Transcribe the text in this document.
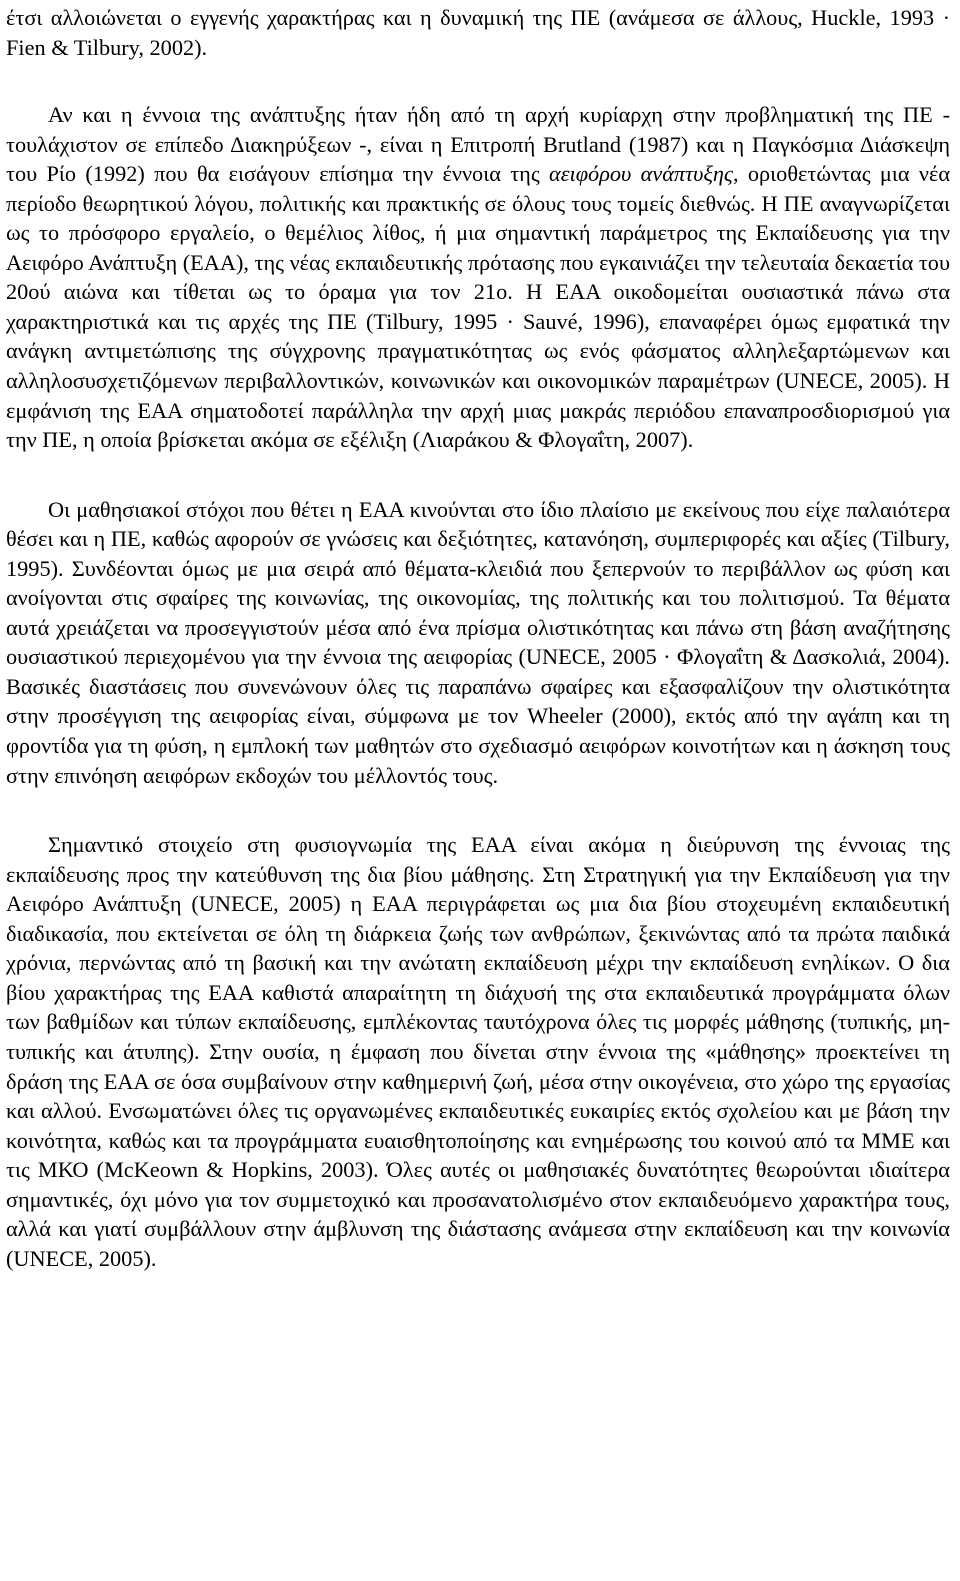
έτσι αλλοιώνεται ο εγγενής χαρακτήρας και η δυναμική της ΠΕ (ανάμεσα σε άλλους, Huckle, 1993 · Fien & Tilbury, 2002).

Αν και η έννοια της ανάπτυξης ήταν ήδη από τη αρχή κυρίαρχη στην προβληματική της ΠΕ - τουλάχιστον σε επίπεδο Διακηρύξεων -, είναι η Επιτροπή Brutland (1987) και η Παγκόσμια Διάσκεψη του Ρίο (1992) που θα εισάγουν επίσημα την έννοια της αειφόρου ανάπτυξης, οριοθετώντας μια νέα περίοδο θεωρητικού λόγου, πολιτικής και πρακτικής σε όλους τους τομείς διεθνώς. Η ΠΕ αναγνωρίζεται ως το πρόσφορο εργαλείο, ο θεμέλιος λίθος, ή μια σημαντική παράμετρος της Εκπαίδευσης για την Αειφόρο Ανάπτυξη (ΕΑΑ), της νέας εκπαιδευτικής πρότασης που εγκαινιάζει την τελευταία δεκαετία του 20ού αιώνα και τίθεται ως το όραμα για τον 21ο. Η ΕΑΑ οικοδομείται ουσιαστικά πάνω στα χαρακτηριστικά και τις αρχές της ΠΕ (Tilbury, 1995 · Sauvé, 1996), επαναφέρει όμως εμφατικά την ανάγκη αντιμετώπισης της σύγχρονης πραγματικότητας ως ενός φάσματος αλληλεξαρτώμενων και αλληλοσυσχετιζόμενων περιβαλλοντικών, κοινωνικών και οικονομικών παραμέτρων (UNECE, 2005). Η εμφάνιση της ΕΑΑ σηματοδοτεί παράλληλα την αρχή μιας μακράς περιόδου επαναπροσδιορισμού για την ΠΕ, η οποία βρίσκεται ακόμα σε εξέλιξη (Λιαράκου & Φλογαΐτη, 2007).

Οι μαθησιακοί στόχοι που θέτει η ΕΑΑ κινούνται στο ίδιο πλαίσιο με εκείνους που είχε παλαιότερα θέσει και η ΠΕ, καθώς αφορούν σε γνώσεις και δεξιότητες, κατανόηση, συμπεριφορές και αξίες (Tilbury, 1995). Συνδέονται όμως με μια σειρά από θέματα-κλειδιά που ξεπερνούν το περιβάλλον ως φύση και ανοίγονται στις σφαίρες της κοινωνίας, της οικονομίας, της πολιτικής και του πολιτισμού. Τα θέματα αυτά χρειάζεται να προσεγγιστούν μέσα από ένα πρίσμα ολιστικότητας και πάνω στη βάση αναζήτησης ουσιαστικού περιεχομένου για την έννοια της αειφορίας (UNECE, 2005 · Φλογαΐτη & Δασκολιά, 2004). Βασικές διαστάσεις που συνενώνουν όλες τις παραπάνω σφαίρες και εξασφαλίζουν την ολιστικότητα στην προσέγγιση της αειφορίας είναι, σύμφωνα με τον Wheeler (2000), εκτός από την αγάπη και τη φροντίδα για τη φύση, η εμπλοκή των μαθητών στο σχεδιασμό αειφόρων κοινοτήτων και η άσκηση τους στην επινόηση αειφόρων εκδοχών του μέλλοντός τους.

Σημαντικό στοιχείο στη φυσιογνωμία της ΕΑΑ είναι ακόμα η διεύρυνση της έννοιας της εκπαίδευσης προς την κατεύθυνση της δια βίου μάθησης. Στη Στρατηγική για την Εκπαίδευση για την Αειφόρο Ανάπτυξη (UNECE, 2005) η ΕΑΑ περιγράφεται ως μια δια βίου στοχευμένη εκπαιδευτική διαδικασία, που εκτείνεται σε όλη τη διάρκεια ζωής των ανθρώπων, ξεκινώντας από τα πρώτα παιδικά χρόνια, περνώντας από τη βασική και την ανώτατη εκπαίδευση μέχρι την εκπαίδευση ενηλίκων. Ο δια βίου χαρακτήρας της ΕΑΑ καθιστά απαραίτητη τη διάχυσή της στα εκπαιδευτικά προγράμματα όλων των βαθμίδων και τύπων εκπαίδευσης, εμπλέκοντας ταυτόχρονα όλες τις μορφές μάθησης (τυπικής, μη-τυπικής και άτυπης). Στην ουσία, η έμφαση που δίνεται στην έννοια της «μάθησης» προεκτείνει τη δράση της ΕΑΑ σε όσα συμβαίνουν στην καθημερινή ζωή, μέσα στην οικογένεια, στο χώρο της εργασίας και αλλού. Ενσωματώνει όλες τις οργανωμένες εκπαιδευτικές ευκαιρίες εκτός σχολείου και με βάση την κοινότητα, καθώς και τα προγράμματα ευαισθητοποίησης και ενημέρωσης του κοινού από τα ΜΜΕ και τις ΜΚΟ (McKeown & Hopkins, 2003). Όλες αυτές οι μαθησιακές δυνατότητες θεωρούνται ιδιαίτερα σημαντικές, όχι μόνο για τον συμμετοχικό και προσανατολισμένο στον εκπαιδευόμενο χαρακτήρα τους, αλλά και γιατί συμβάλλουν στην άμβλυνση της διάστασης ανάμεσα στην εκπαίδευση και την κοινωνία (UNECE, 2005).
